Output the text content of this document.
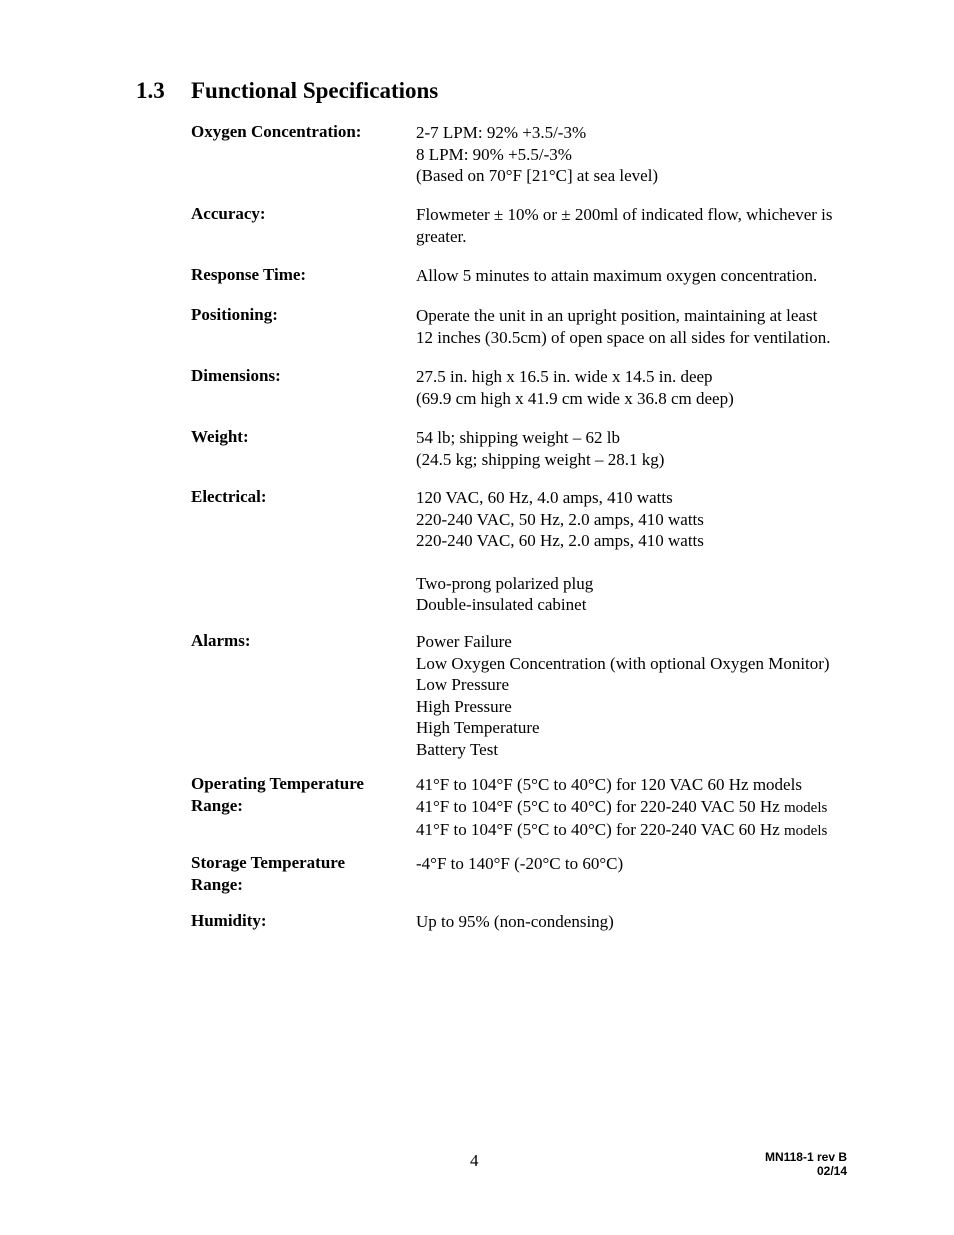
1.3 Functional Specifications
Oxygen Concentration:	2-7 LPM: 92% +3.5/-3%
8 LPM: 90% +5.5/-3%
(Based on 70°F [21°C] at sea level)
Accuracy:	Flowmeter ± 10% or ± 200ml of indicated flow, whichever is greater.
Response Time:	Allow 5 minutes to attain maximum oxygen concentration.
Positioning:	Operate the unit in an upright position, maintaining at least
12 inches (30.5cm) of open space on all sides for ventilation.
Dimensions:	27.5 in. high x 16.5 in. wide x 14.5 in. deep
(69.9 cm high x 41.9 cm wide x 36.8 cm deep)
Weight:	54 lb; shipping weight – 62 lb
(24.5 kg; shipping weight – 28.1 kg)
Electrical:	120 VAC, 60 Hz, 4.0 amps, 410 watts
220-240 VAC, 50 Hz, 2.0 amps, 410 watts
220-240 VAC, 60 Hz, 2.0 amps, 410 watts
Two-prong polarized plug
Double-insulated cabinet
Alarms:	Power Failure
Low Oxygen Concentration (with optional Oxygen Monitor)
Low Pressure
High Pressure
High Temperature
Battery Test
Operating Temperature Range:
41°F to 104°F (5°C to 40°C) for 120 VAC 60 Hz models
41°F to 104°F (5°C to 40°C) for 220-240 VAC 50 Hz models
41°F to 104°F (5°C to 40°C) for 220-240 VAC 60 Hz models
Storage Temperature Range:
-4°F to 140°F (-20°C to 60°C)
Humidity:	Up to 95% (non-condensing)
4	MN118-1 rev B
02/14
